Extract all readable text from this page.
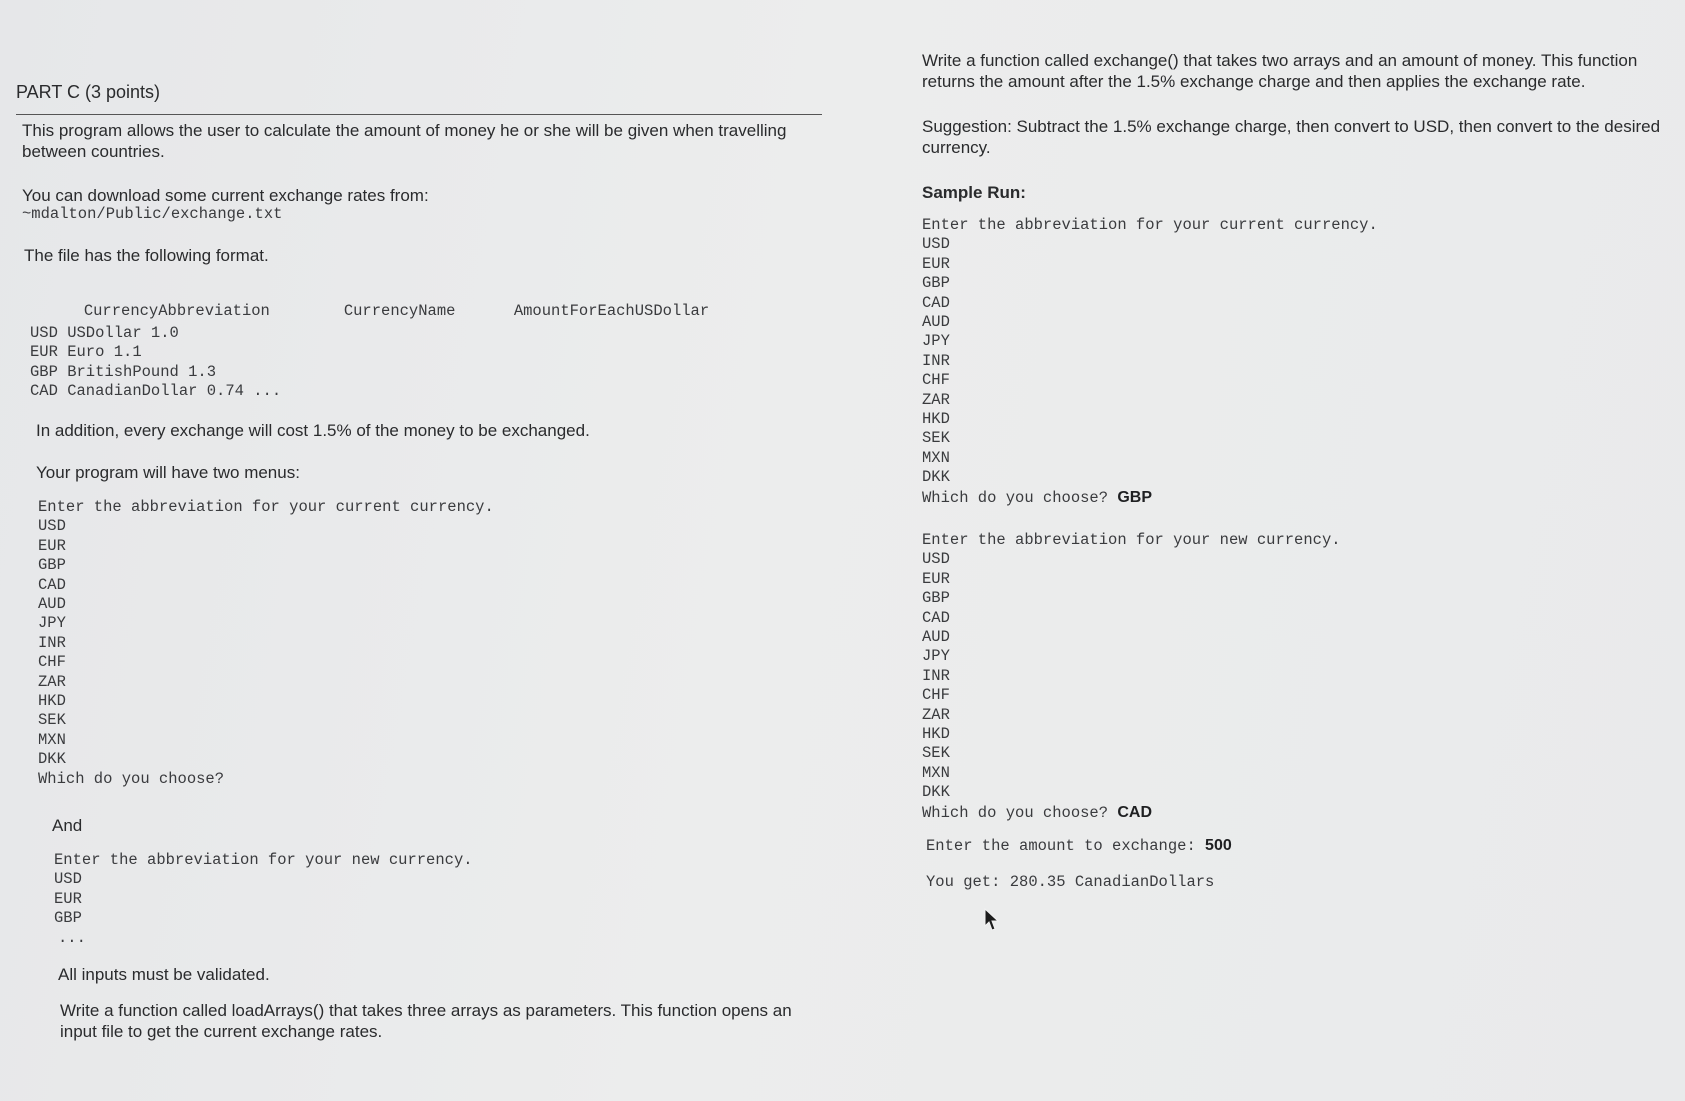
PART C (3 points)
This program allows the user to calculate the amount of money he or she will be given when travelling between countries.
You can download some current exchange rates from:
~mdalton/Public/exchange.txt
The file has the following format.

CurrencyAbbreviation	CurrencyName	AmountForEachUSDollar

USD USDollar 1.0
EUR Euro 1.1
GBP BritishPound 1.3
CAD CanadianDollar 0.74 ...
In addition, every exchange will cost 1.5% of the money to be exchanged.
Your program will have two menus:
Enter the abbreviation for your current currency.
USD
EUR
GBP
CAD
AUD
JPY
INR
CHF
ZAR
HKD
SEK
MXN
DKK
Which do you choose?
And
Enter the abbreviation for your new currency.
USD
EUR
GBP
...
All inputs must be validated.
Write a function called loadArrays() that takes three arrays as parameters. This function opens an input file to get the current exchange rates.
Write a function called exchange() that takes two arrays and an amount of money. This function returns the amount after the 1.5% exchange charge and then applies the exchange rate.
Suggestion: Subtract the 1.5% exchange charge, then convert to USD, then convert to the desired currency.
Sample Run:
Enter the abbreviation for your current currency.
USD
EUR
GBP
CAD
AUD
JPY
INR
CHF
ZAR
HKD
SEK
MXN
DKK
Which do you choose? GBP
Enter the abbreviation for your new currency.
USD
EUR
GBP
CAD
AUD
JPY
INR
CHF
ZAR
HKD
SEK
MXN
DKK
Which do you choose? CAD
Enter the amount to exchange: 500
You get: 280.35 CanadianDollars
